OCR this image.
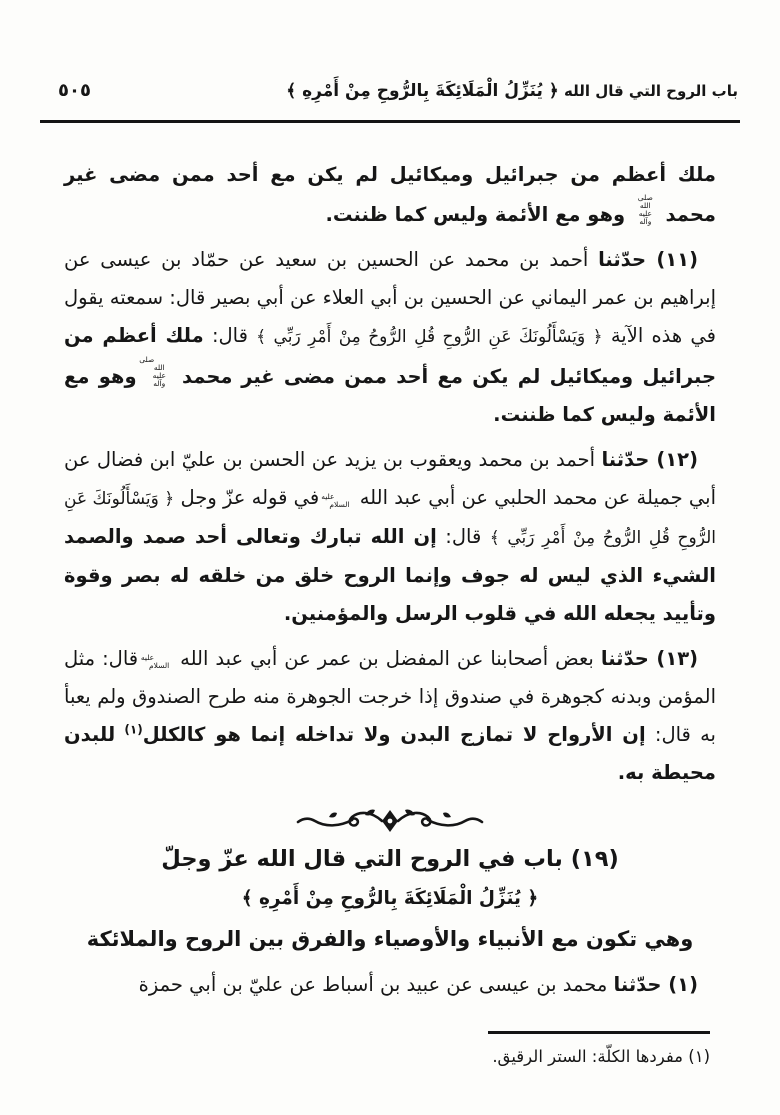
باب الروح التي قال الله ﴿ يُنَزِّلُ الْمَلَائِكَةَ بِالرُّوحِ مِنْ أَمْرِهِ ﴾
٥٠٥

ملك أعظم من جبرائيل وميكائيل لم يكن مع أحد ممن مضى غير محمد صلى الله
عليه وآله وهو مع الأئمة وليس كما ظننت.

(١١) حدّثنا أحمد بن محمد عن الحسين بن سعيد عن حمّاد بن عيسى عن إبراهيم بن عمر اليماني عن الحسين بن أبي العلاء عن أبي بصير قال: سمعته يقول في هذه الآية ﴿ وَيَسْأَلُونَكَ عَنِ الرُّوحِ قُلِ الرُّوحُ مِنْ أَمْرِ رَبِّي ﴾ قال: ملك أعظم من جبرائيل وميكائيل لم يكن مع أحد ممن مضى غير محمد صلى الله
عليه وآله وهو مع الأئمة وليس كما ظننت.

(١٢) حدّثنا أحمد بن محمد ويعقوب بن يزيد عن الحسن بن عليّ ابن فضال عن أبي جميلة عن محمد الحلبي عن أبي عبد الله عليه
السلام في قوله عزّ وجل ﴿ وَيَسْأَلُونَكَ عَنِ الرُّوحِ قُلِ الرُّوحُ مِنْ أَمْرِ رَبِّي ﴾ قال: إن الله تبارك وتعالى أحد صمد والصمد الشيء الذي ليس له جوف وإنما الروح خلق من خلقه له بصر وقوة وتأييد يجعله الله في قلوب الرسل والمؤمنين.

(١٣) حدّثنا بعض أصحابنا عن المفضل بن عمر عن أبي عبد الله عليه
السلام قال: مثل المؤمن وبدنه كجوهرة في صندوق إذا خرجت الجوهرة منه طرح الصندوق ولم يعبأ به قال: إن الأرواح لا تمازج البدن ولا تداخله إنما هو كالكلل$^{(١)}$ للبدن محيطة به.

(١٩) باب في الروح التي قال الله عزّ وجلّ
﴿ يُنَزِّلُ الْمَلَائِكَةَ بِالرُّوحِ مِنْ أَمْرِهِ ﴾
وهي تكون مع الأنبياء والأوصياء والفرق بين الروح والملائكة

(١) حدّثنا محمد بن عيسى عن عبيد بن أسباط عن عليّ بن أبي حمزة

(١) مفردها الكلّة: الستر الرقيق.
